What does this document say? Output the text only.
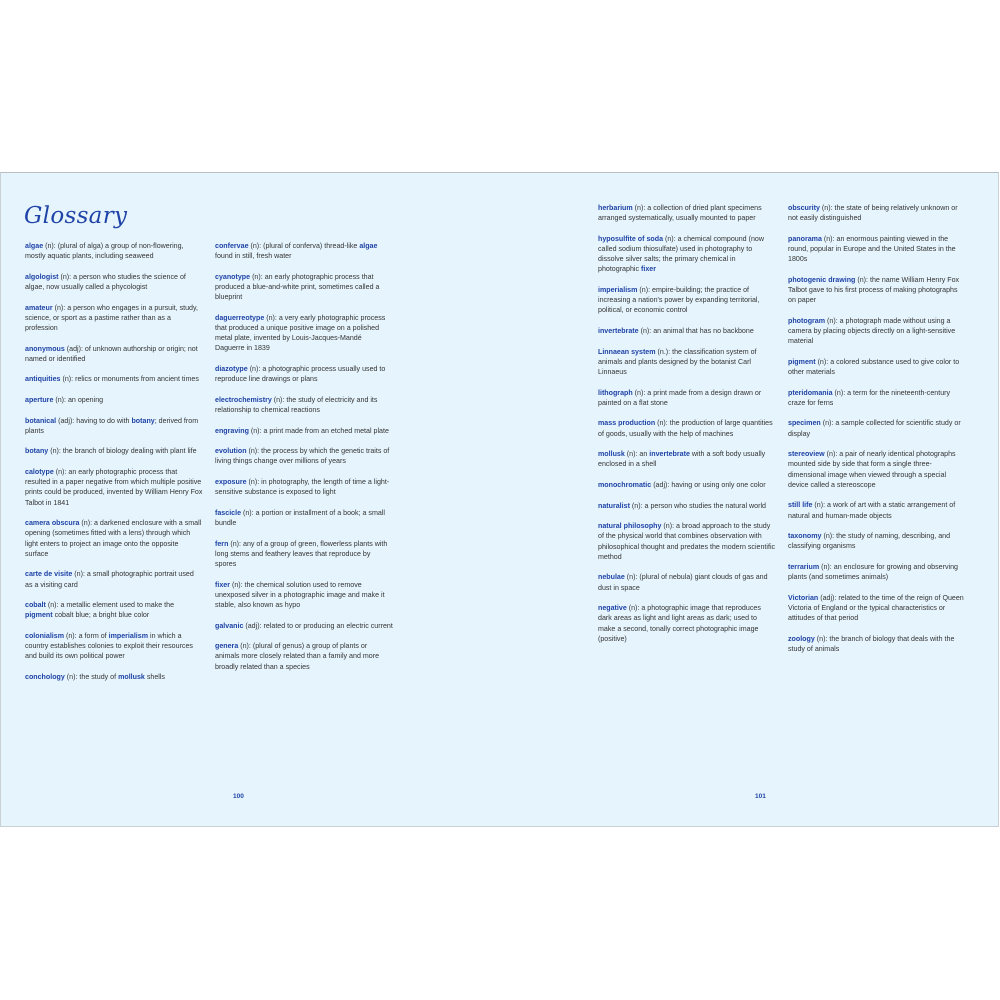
Glossary

algae (n): (plural of alga) a group of non-flowering, mostly aquatic plants, including seaweed

algologist (n): a person who studies the science of algae, now usually called a phycologist

amateur (n): a person who engages in a pursuit, study, science, or sport as a pastime rather than as a profession

anonymous (adj): of unknown authorship or origin; not named or identified

antiquities (n): relics or monuments from ancient times

aperture (n): an opening

botanical (adj): having to do with botany; derived from plants

botany (n): the branch of biology dealing with plant life

calotype (n): an early photographic process that resulted in a paper negative from which multiple positive prints could be produced, invented by William Henry Fox Talbot in 1841

camera obscura (n): a darkened enclosure with a small opening (sometimes fitted with a lens) through which light enters to project an image onto the opposite surface

carte de visite (n): a small photographic portrait used as a visiting card

cobalt (n): a metallic element used to make the pigment cobalt blue; a bright blue color

colonialism (n): a form of imperialism in which a country establishes colonies to exploit their resources and build its own political power

conchology (n): the study of mollusk shells

confervae (n): (plural of conferva) thread-like algae found in still, fresh water

cyanotype (n): an early photographic process that produced a blue-and-white print, sometimes called a blueprint

daguerreotype (n): a very early photographic process that produced a unique positive image on a polished metal plate, invented by Louis-Jacques-Mandé Daguerre in 1839

diazotype (n): a photographic process usually used to reproduce line drawings or plans

electrochemistry (n): the study of electricity and its relationship to chemical reactions

engraving (n): a print made from an etched metal plate

evolution (n): the process by which the genetic traits of living things change over millions of years

exposure (n): in photography, the length of time a light-sensitive substance is exposed to light

fascicle (n): a portion or installment of a book; a small bundle

fern (n): any of a group of green, flowerless plants with long stems and feathery leaves that reproduce by spores

fixer (n): the chemical solution used to remove unexposed silver in a photographic image and make it stable, also known as hypo

galvanic (adj): related to or producing an electric current

genera (n): (plural of genus) a group of plants or animals more closely related than a family and more broadly related than a species

herbarium (n): a collection of dried plant specimens arranged systematically, usually mounted to paper

hyposulfite of soda (n): a chemical compound (now called sodium thiosulfate) used in photography to dissolve silver salts; the primary chemical in photographic fixer

imperialism (n): empire-building; the practice of increasing a nation's power by expanding territorial, political, or economic control

invertebrate (n): an animal that has no backbone

Linnaean system (n.): the classification system of animals and plants designed by the botanist Carl Linnaeus

lithograph (n): a print made from a design drawn or painted on a flat stone

mass production (n): the production of large quantities of goods, usually with the help of machines

mollusk (n): an invertebrate with a soft body usually enclosed in a shell

monochromatic (adj): having or using only one color

naturalist (n): a person who studies the natural world

natural philosophy (n): a broad approach to the study of the physical world that combines observation with philosophical thought and predates the modern scientific method

nebulae (n): (plural of nebula) giant clouds of gas and dust in space

negative (n): a photographic image that reproduces dark areas as light and light areas as dark; used to make a second, tonally correct photographic image (positive)

obscurity (n): the state of being relatively unknown or not easily distinguished

panorama (n): an enormous painting viewed in the round, popular in Europe and the United States in the 1800s

photogenic drawing (n): the name William Henry Fox Talbot gave to his first process of making photographs on paper

photogram (n): a photograph made without using a camera by placing objects directly on a light-sensitive material

pigment (n): a colored substance used to give color to other materials

pteridomania (n): a term for the nineteenth-century craze for ferns

specimen (n): a sample collected for scientific study or display

stereoview (n): a pair of nearly identical photographs mounted side by side that form a single three-dimensional image when viewed through a special device called a stereoscope

still life (n): a work of art with a static arrangement of natural and human-made objects

taxonomy (n): the study of naming, describing, and classifying organisms

terrarium (n): an enclosure for growing and observing plants (and sometimes animals)

Victorian (adj): related to the time of the reign of Queen Victoria of England or the typical characteristics or attitudes of that period

zoology (n): the branch of biology that deals with the study of animals

100	101
